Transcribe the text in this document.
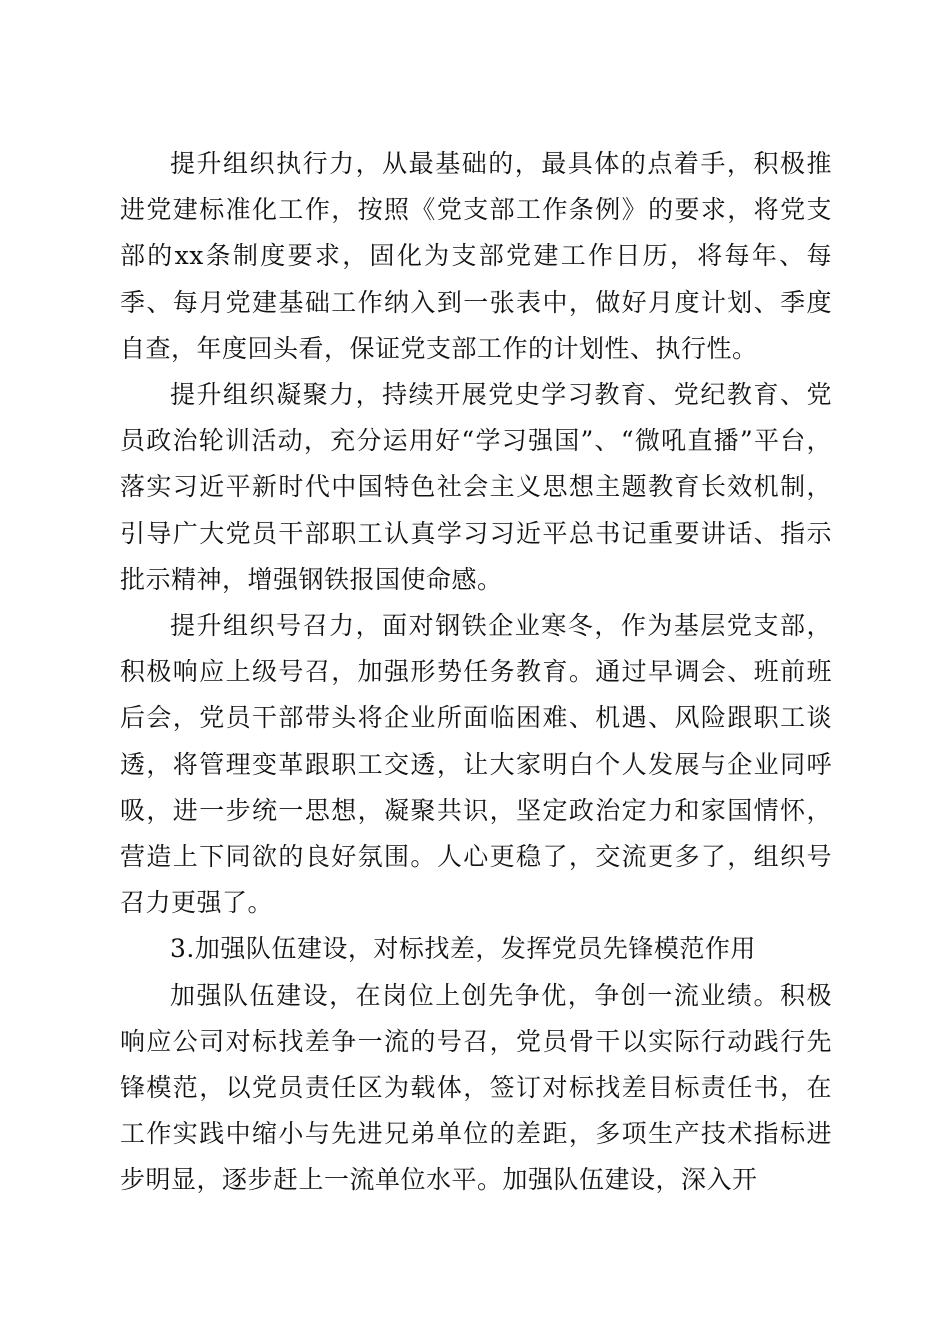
提升组织执行力，从最基础的，最具体的点着手，积极推进党建标准化工作，按照《党支部工作条例》的要求，将党支部的xx条制度要求，固化为支部党建工作日历，将每年、每季、每月党建基础工作纳入到一张表中，做好月度计划、季度自查，年度回头看，保证党支部工作的计划性、执行性。

提升组织凝聚力，持续开展党史学习教育、党纪教育、党员政治轮训活动，充分运用好“学习强国”、“微吼直播”平台，落实习近平新时代中国特色社会主义思想主题教育长效机制，引导广大党员干部职工认真学习习近平总书记重要讲话、指示批示精神，增强钢铁报国使命感。

提升组织号召力，面对钢铁企业寒冬，作为基层党支部，积极响应上级号召，加强形势任务教育。通过早调会、班前班后会，党员干部带头将企业所面临困难、机遇、风险跟职工谈透，将管理变革跟职工交透，让大家明白个人发展与企业同呼吸，进一步统一思想，凝聚共识，坚定政治定力和家国情怀，营造上下同欲的良好氛围。人心更稳了，交流更多了，组织号召力更强了。

3.加强队伍建设，对标找差，发挥党员先锋模范作用

加强队伍建设，在岗位上创先争优，争创一流业绩。积极响应公司对标找差争一流的号召，党员骨干以实际行动践行先锋模范，以党员责任区为载体，签订对标找差目标责任书，在工作实践中缩小与先进兄弟单位的差距，多项生产技术指标进步明显，逐步赶上一流单位水平。加强队伍建设，深入开
